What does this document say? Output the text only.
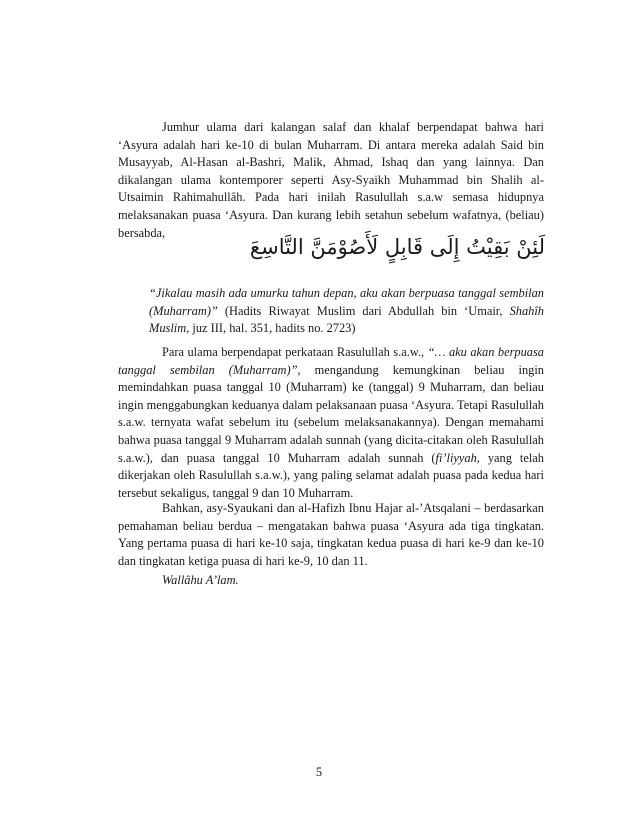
Jumhur ulama dari kalangan salaf dan khalaf berpendapat bahwa hari ‘Asyura adalah hari ke-10 di bulan Muharram. Di antara mereka adalah Said bin Musayyab, Al-Hasan al-Bashri, Malik, Ahmad, Ishaq dan yang lainnya. Dan dikalangan ulama kontemporer seperti Asy-Syaikh Muhammad bin Shalih al-Utsaimin Rahimahullâh. Pada hari inilah Rasulullah s.a.w semasa hidupnya melaksanakan puasa ‘Asyura. Dan kurang lebih setahun sebelum wafatnya, (beliau) bersabda,

لَئِنْ بَقِيْتُ إِلَى قَابِلٍ لَأَصُوْمَنَّ التَّاسِعَ

“Jikalau masih ada umurku tahun depan, aku akan berpuasa tanggal sembilan (Muharram)” (Hadits Riwayat Muslim dari Abdullah bin ‘Umair, Shahîh Muslim, juz III, hal. 351, hadits no. 2723)

Para ulama berpendapat perkataan Rasulullah s.a.w., “… aku akan berpuasa tanggal sembilan (Muharram)”, mengandung kemungkinan beliau ingin memindahkan puasa tanggal 10 (Muharram) ke (tanggal) 9 Muharram, dan beliau ingin menggabungkan keduanya dalam pelaksanaan puasa ‘Asyura. Tetapi Rasulullah s.a.w. ternyata wafat sebelum itu (sebelum melaksanakannya). Dengan memahami bahwa puasa tanggal 9 Muharram adalah sunnah (yang dicita-citakan oleh Rasulullah s.a.w.), dan puasa tanggal 10 Muharram adalah sunnah (fi’liyyah, yang telah dikerjakan oleh Rasulullah s.a.w.), yang paling selamat adalah puasa pada kedua hari tersebut sekaligus, tanggal 9 dan 10 Muharram.

Bahkan, asy-Syaukani dan al-Hafizh Ibnu Hajar al-’Atsqalani – berdasarkan pemahaman beliau berdua – mengatakan bahwa puasa ‘Asyura ada tiga tingkatan. Yang pertama puasa di hari ke-10 saja, tingkatan kedua puasa di hari ke-9 dan ke-10 dan tingkatan ketiga puasa di hari ke-9, 10 dan 11.

Wallâhu A’lam.

5
